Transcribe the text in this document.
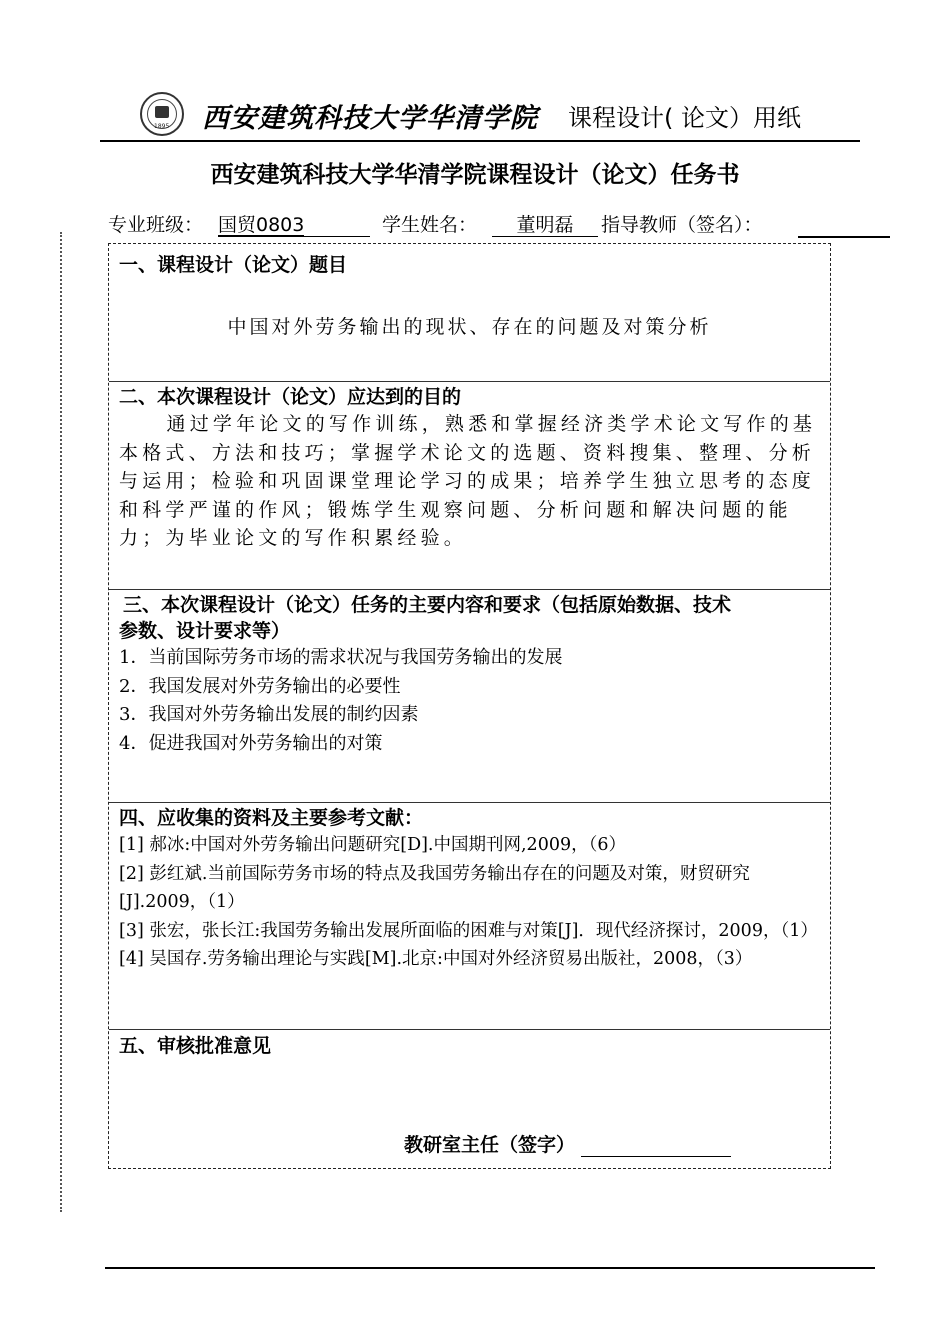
1895 西安建筑科技大学华清学院 课程设计( 论文）用纸
西安建筑科技大学华清学院课程设计（论文）任务书
专业班级： 国贸0803	学生姓名：	董明磊	指导教师（签名）：
一、课程设计（论文）题目
中国对外劳务输出的现状、存在的问题及对策分析
二、本次课程设计（论文）应达到的目的

通过学年论文的写作训练，熟悉和掌握经济类学术论文写作的基本格式、方法和技巧；掌握学术论文的选题、资料搜集、整理、分析与运用；检验和巩固课堂理论学习的成果；培养学生独立思考的态度和科学严谨的作风；锻炼学生观察问题、分析问题和解决问题的能力；为毕业论文的写作积累经验。

三、本次课程设计（论文）任务的主要内容和要求（包括原始数据、技术
参数、设计要求等）
1．当前国际劳务市场的需求状况与我国劳务输出的发展
2．我国发展对外劳务输出的必要性
3．我国对外劳务输出发展的制约因素
4．促进我国对外劳务输出的对策
四、应收集的资料及主要参考文献：

[1] 郝冰:中国对外劳务输出问题研究[D].中国期刊网,2009，（6）

[2] 彭红斌.当前国际劳务市场的特点及我国劳务输出存在的问题及对策，财贸研究[J].2009，（1）

[3] 张宏，张长江:我国劳务输出发展所面临的困难与对策[J]．现代经济探讨，2009，（1）

[4] 吴国存.劳务输出理论与实践[M].北京:中国对外经济贸易出版社，2008，（3）

五、审核批准意见
教研室主任（签字）
